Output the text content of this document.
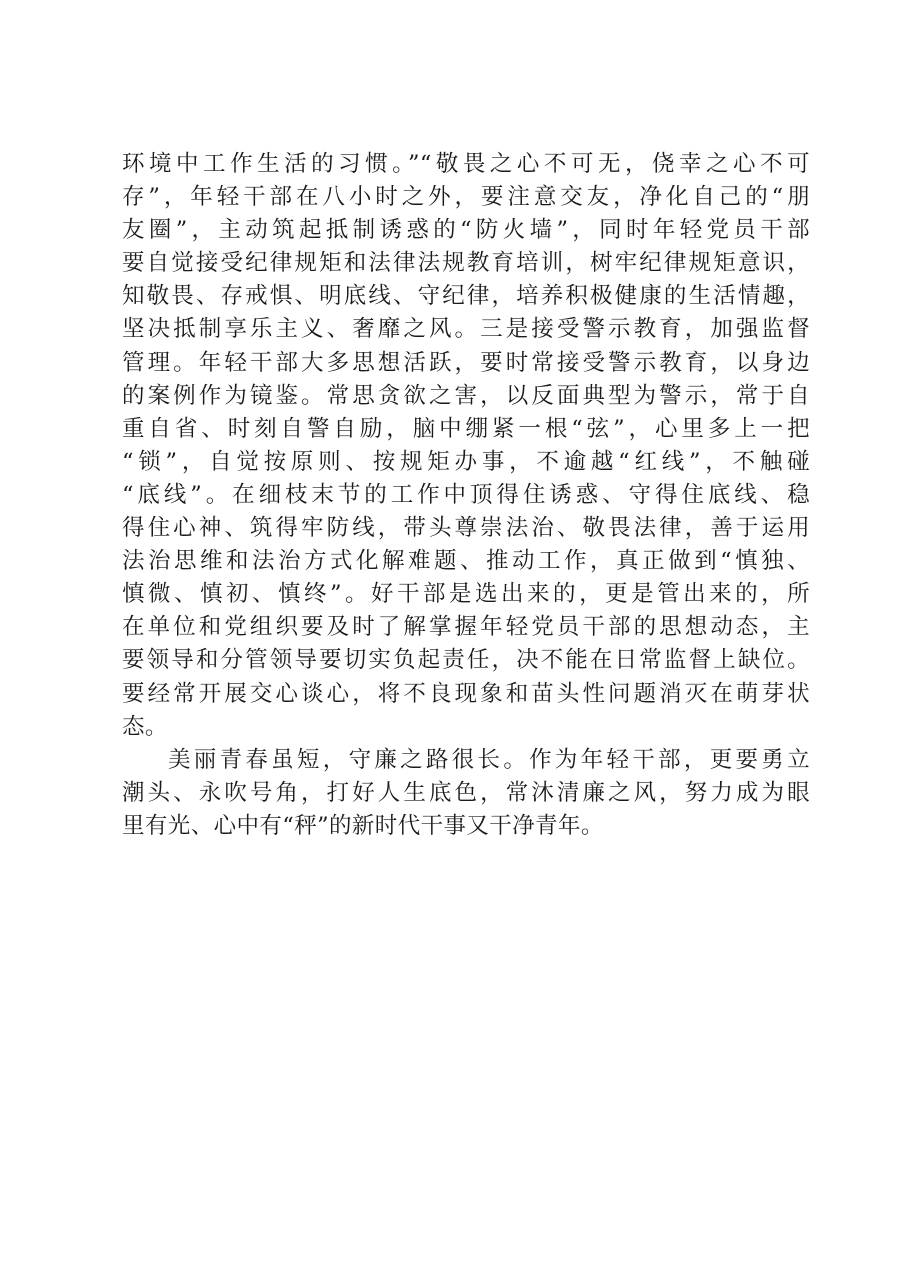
环境中工作生活的习惯。”“敬畏之心不可无，侥幸之心不可
存”，年轻干部在八小时之外，要注意交友，净化自己的“朋
友圈”，主动筑起抵制诱惑的“防火墙”，同时年轻党员干部
要自觉接受纪律规矩和法律法规教育培训，树牢纪律规矩意识，
知敬畏、存戒惧、明底线、守纪律，培养积极健康的生活情趣，
坚决抵制享乐主义、奢靡之风。三是接受警示教育，加强监督
管理。年轻干部大多思想活跃，要时常接受警示教育，以身边
的案例作为镜鉴。常思贪欲之害，以反面典型为警示，常于自
重自省、时刻自警自励，脑中绷紧一根“弦”，心里多上一把
“锁”，自觉按原则、按规矩办事，不逾越“红线”，不触碰
“底线”。在细枝末节的工作中顶得住诱惑、守得住底线、稳
得住心神、筑得牢防线，带头尊崇法治、敬畏法律，善于运用
法治思维和法治方式化解难题、推动工作，真正做到“慎独、
慎微、慎初、慎终”。好干部是选出来的，更是管出来的，所
在单位和党组织要及时了解掌握年轻党员干部的思想动态，主
要领导和分管领导要切实负起责任，决不能在日常监督上缺位。
要经常开展交心谈心，将不良现象和苗头性问题消灭在萌芽状
态。
美丽青春虽短，守廉之路很长。作为年轻干部，更要勇立
潮头、永吹号角，打好人生底色，常沐清廉之风，努力成为眼
里有光、心中有“秤”的新时代干事又干净青年。
